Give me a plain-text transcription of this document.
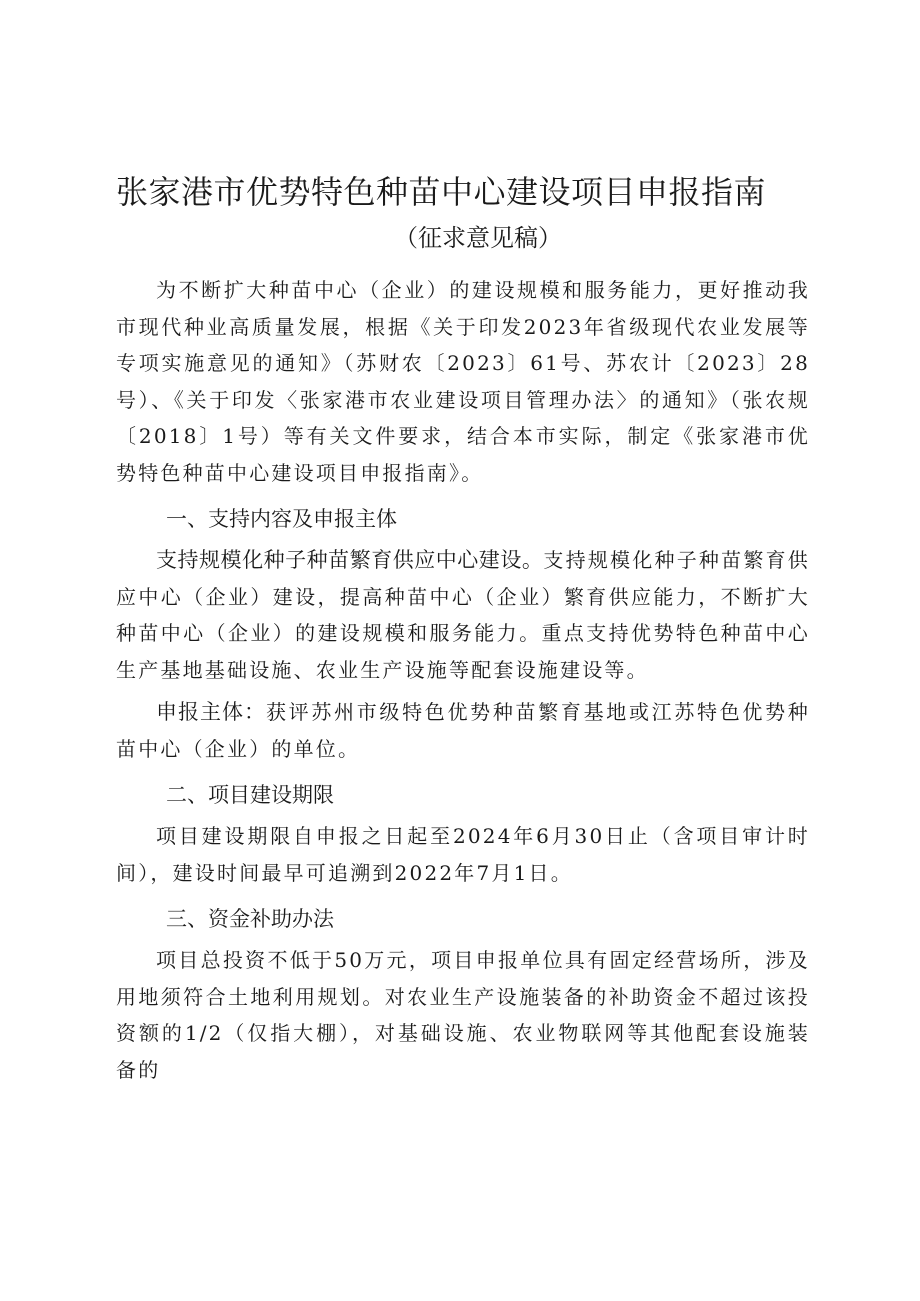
张家港市优势特色种苗中心建设项目申报指南
（征求意见稿）

为不断扩大种苗中心（企业）的建设规模和服务能力，更好推动我市现代种业高质量发展，根据《关于印发2023年省级现代农业发展等专项实施意见的通知》（苏财农〔2023〕61号、苏农计〔2023〕28号）、《关于印发〈张家港市农业建设项目管理办法〉的通知》（张农规〔2018〕1号）等有关文件要求，结合本市实际，制定《张家港市优势特色种苗中心建设项目申报指南》。

一、支持内容及申报主体

支持规模化种子种苗繁育供应中心建设。支持规模化种子种苗繁育供应中心（企业）建设，提高种苗中心（企业）繁育供应能力，不断扩大种苗中心（企业）的建设规模和服务能力。重点支持优势特色种苗中心生产基地基础设施、农业生产设施等配套设施建设等。

申报主体：获评苏州市级特色优势种苗繁育基地或江苏特色优势种苗中心（企业）的单位。

二、项目建设期限

项目建设期限自申报之日起至2024年6月30日止（含项目审计时间），建设时间最早可追溯到2022年7月1日。

三、资金补助办法

项目总投资不低于50万元，项目申报单位具有固定经营场所，涉及用地须符合土地利用规划。对农业生产设施装备的补助资金不超过该投资额的1/2（仅指大棚），对基础设施、农业物联网等其他配套设施装备的
